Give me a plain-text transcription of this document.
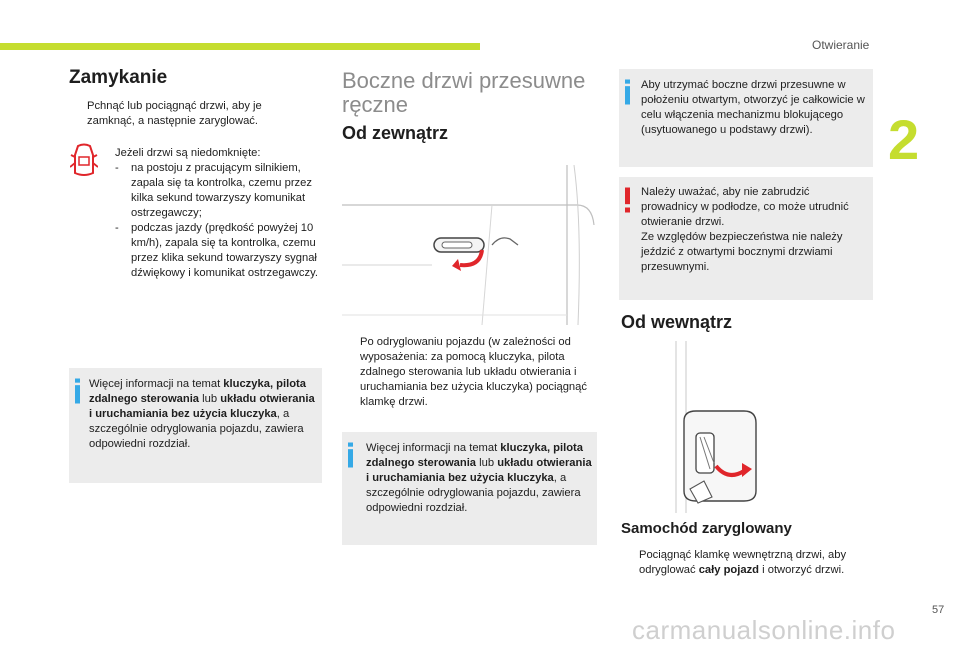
Otwieranie
2
Zamykanie
Pchnąć lub pociągnąć drzwi, aby je zamknąć, a następnie zaryglować.
Jeżeli drzwi są niedomknięte:
-	na postoju z pracującym silnikiem, zapala się ta kontrolka, czemu przez kilka sekund towarzyszy komunikat ostrzegawczy;
-	podczas jazdy (prędkość powyżej 10 km/h), zapala się ta kontrolka, czemu przez klika sekund towarzyszy sygnał dźwiękowy i komunikat ostrzegawczy.
Więcej informacji na temat kluczyka, pilota zdalnego sterowania lub układu otwierania i uruchamiania bez użycia kluczyka, a szczególnie odryglowania pojazdu, zawiera odpowiedni rozdział.
Boczne drzwi przesuwne
ręczne
Od zewnątrz
Po odryglowaniu pojazdu (w zależności od wyposażenia: za pomocą kluczyka, pilota zdalnego sterowania lub układu otwierania i uruchamiania bez użycia kluczyka) pociągnąć klamkę drzwi.
Więcej informacji na temat kluczyka, pilota zdalnego sterowania lub układu otwierania i uruchamiania bez użycia kluczyka, a szczególnie odryglowania pojazdu, zawiera odpowiedni rozdział.
Aby utrzymać boczne drzwi przesuwne w położeniu otwartym, otworzyć je całkowicie w celu włączenia mechanizmu blokującego (usytuowanego u podstawy drzwi).
Należy uważać, aby nie zabrudzić prowadnicy w podłodze, co może utrudnić otwieranie drzwi.
Ze względów bezpieczeństwa nie należy jeździć z otwartymi bocznymi drzwiami przesuwnymi.
Od wewnątrz
Samochód zaryglowany
Pociągnąć klamkę wewnętrzną drzwi, aby odryglować cały pojazd i otworzyć drzwi.
57
carmanualsonline.info
